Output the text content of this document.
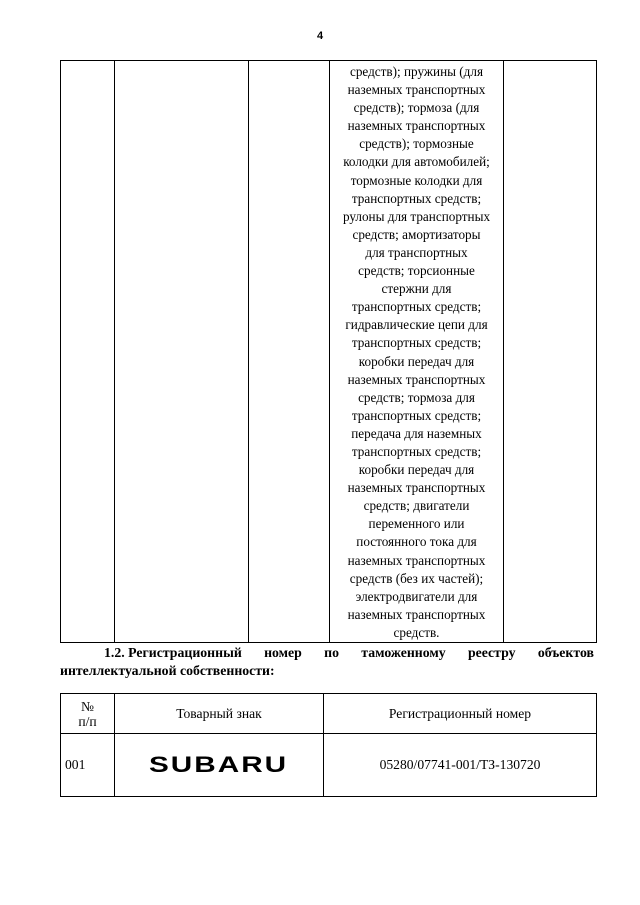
4

средств); пружины (для
наземных транспортных
средств); тормоза (для
наземных транспортных
средств); тормозные
колодки для автомобилей;
тормозные колодки для
транспортных средств;
рулоны для транспортных
средств; амортизаторы
для транспортных
средств; торсионные
стержни для
транспортных средств;
гидравлические цепи для
транспортных средств;
коробки передач для
наземных транспортных
средств; тормоза для
транспортных средств;
передача для наземных
транспортных средств;
коробки передач для
наземных транспортных
средств; двигатели
переменного или
постоянного тока для
наземных транспортных
средств (без их частей);
электродвигатели для
наземных транспортных
средств.

1.2. Регистрационный номер по таможенному реестру объектов
интеллектуальной собственности:
№
п/п	Товарный знак	Регистрационный номер
001	SUBARU	05280/07741-001/ТЗ-130720
